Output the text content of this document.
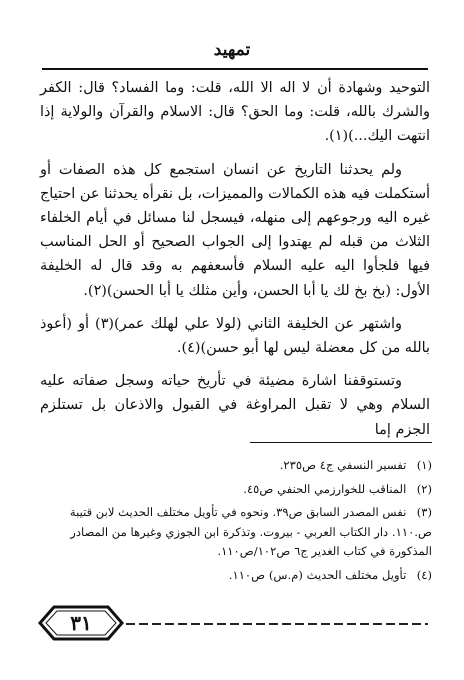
تمهيد

التوحيد وشهادة أن لا اله الا الله، قلت: وما الفساد؟ قال: الكفر والشرك بالله، قلت: وما الحق؟ قال: الاسلام والقرآن والولاية إذا انتهت اليك...)(١).

ولم يحدثنا التاريخ عن انسان استجمع كل هذه الصفات أو أستكملت فيه هذه الكمالات والمميزات، بل نقرأه يحدثنا عن احتياج غيره اليه ورجوعهم إلى منهله، فيسجل لنا مسائل في أيام الخلفاء الثلاث من قبله لم يهتدوا إلى الجواب الصحيح أو الحل المناسب فيها فلجأوا اليه عليه السلام فأسعفهم به وقد قال له الخليفة الأول: (بخ بخ لك يا أبا الحسن، وأين مثلك يا أبا الحسن)(٢).

واشتهر عن الخليفة الثاني (لولا علي لهلك عمر)(٣) أو (أعوذ بالله من كل معضلة ليس لها أبو حسن)(٤).

وتستوقفنا اشارة مضيئة في تأريخ حياته وسجل صفاته عليه السلام وهي لا تقبل المراوغة في القبول والاذعان بل تستلزم الجزم إما

(١) تفسير النسفي ج٤ ص٢٣٥.

(٢) المناقب للخوارزمي الحنفي ص٤٥.

(٣) نفس المصدر السابق ص٣٩. ونحوه في تأويل مختلف الحديث لابن قتيبة ص.١١٠. دار الكتاب العربي - بيروت. وتذكرة ابن الجوزي وغيرها من المصادر المذكورة في كتاب الغدير ج٦ ص١٠٢/ص١١٠.

(٤) تأويل مختلف الحديث (م.س) ص١١٠.

٣١
